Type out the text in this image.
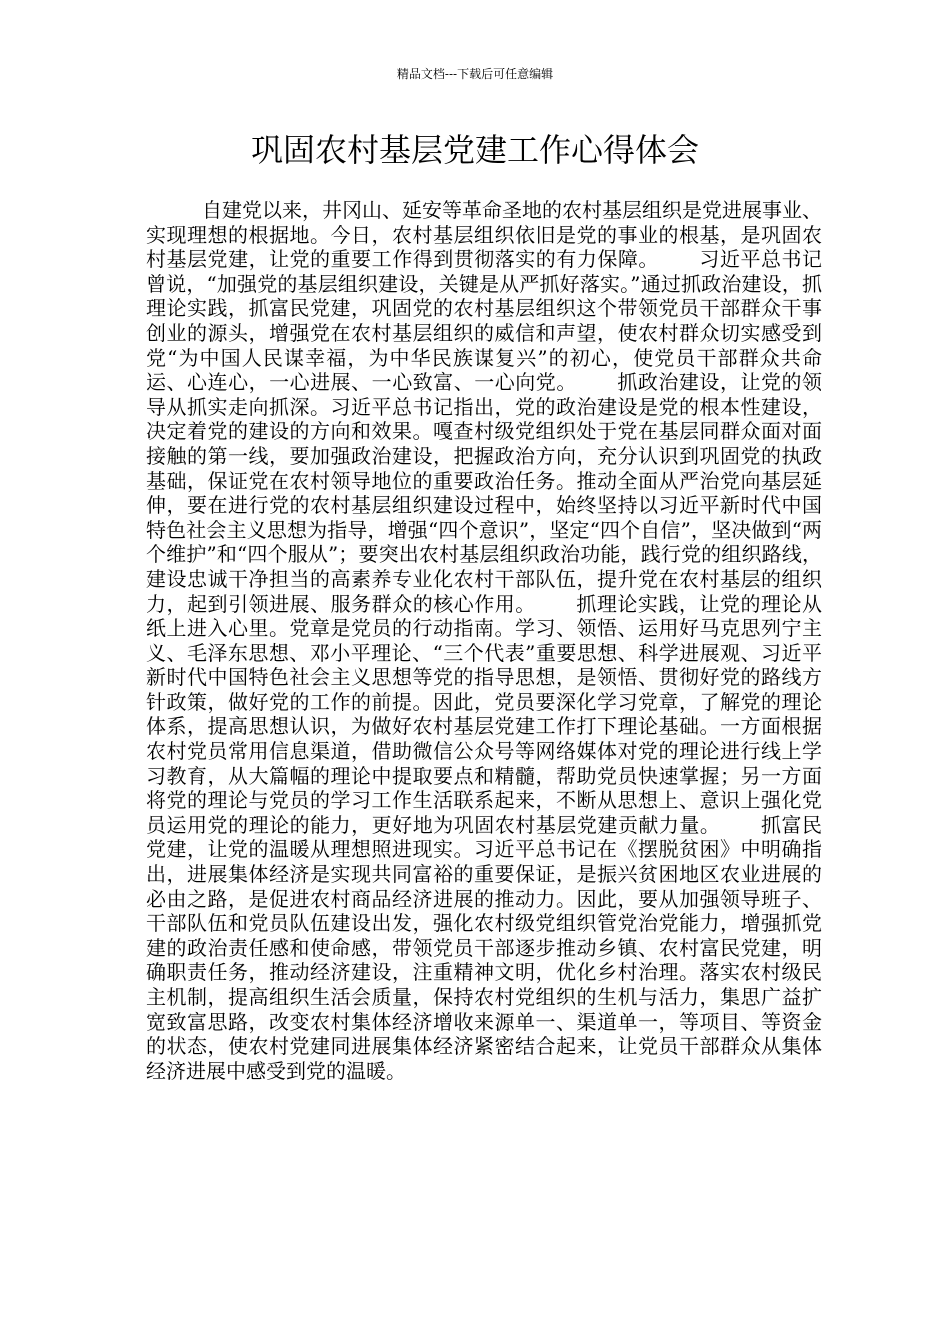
精品文档---下载后可任意编辑
巩固农村基层党建工作心得体会

自建党以来，井冈山、延安等革命圣地的农村基层组织是党进展事业、实现理想的根据地。今日，农村基层组织依旧是党的事业的根基，是巩固农村基层党建，让党的重要工作得到贯彻落实的有力保障。 习近平总书记曾说，“加强党的基层组织建设，关键是从严抓好落实。”通过抓政治建设，抓理论实践，抓富民党建，巩固党的农村基层组织这个带领党员干部群众干事创业的源头，增强党在农村基层组织的威信和声望，使农村群众切实感受到党“为中国人民谋幸福，为中华民族谋复兴”的初心，使党员干部群众共命运、心连心，一心进展、一心致富、一心向党。 抓政治建设，让党的领导从抓实走向抓深。习近平总书记指出，党的政治建设是党的根本性建设，决定着党的建设的方向和效果。嘎查村级党组织处于党在基层同群众面对面接触的第一线，要加强政治建设，把握政治方向，充分认识到巩固党的执政基础，保证党在农村领导地位的重要政治任务。推动全面从严治党向基层延伸，要在进行党的农村基层组织建设过程中，始终坚持以习近平新时代中国特色社会主义思想为指导，增强“四个意识”，坚定“四个自信”，坚决做到“两个维护”和“四个服从”；要突出农村基层组织政治功能，践行党的组织路线，建设忠诚干净担当的高素养专业化农村干部队伍，提升党在农村基层的组织力，起到引领进展、服务群众的核心作用。 抓理论实践，让党的理论从纸上进入心里。党章是党员的行动指南。学习、领悟、运用好马克思列宁主义、毛泽东思想、邓小平理论、“三个代表”重要思想、科学进展观、习近平新时代中国特色社会主义思想等党的指导思想，是领悟、贯彻好党的路线方针政策，做好党的工作的前提。因此，党员要深化学习党章，了解党的理论体系，提高思想认识，为做好农村基层党建工作打下理论基础。一方面根据农村党员常用信息渠道，借助微信公众号等网络媒体对党的理论进行线上学习教育，从大篇幅的理论中提取要点和精髓，帮助党员快速掌握；另一方面将党的理论与党员的学习工作生活联系起来，不断从思想上、意识上强化党员运用党的理论的能力，更好地为巩固农村基层党建贡献力量。 抓富民党建，让党的温暖从理想照进现实。习近平总书记在《摆脱贫困》中明确指出，进展集体经济是实现共同富裕的重要保证，是振兴贫困地区农业进展的必由之路，是促进农村商品经济进展的推动力。因此，要从加强领导班子、干部队伍和党员队伍建设出发，强化农村级党组织管党治党能力，增强抓党建的政治责任感和使命感，带领党员干部逐步推动乡镇、农村富民党建，明确职责任务，推动经济建设，注重精神文明，优化乡村治理。落实农村级民主机制，提高组织生活会质量，保持农村党组织的生机与活力，集思广益扩宽致富思路，改变农村集体经济增收来源单一、渠道单一，等项目、等资金的状态，使农村党建同进展集体经济紧密结合起来，让党员干部群众从集体经济进展中感受到党的温暖。
